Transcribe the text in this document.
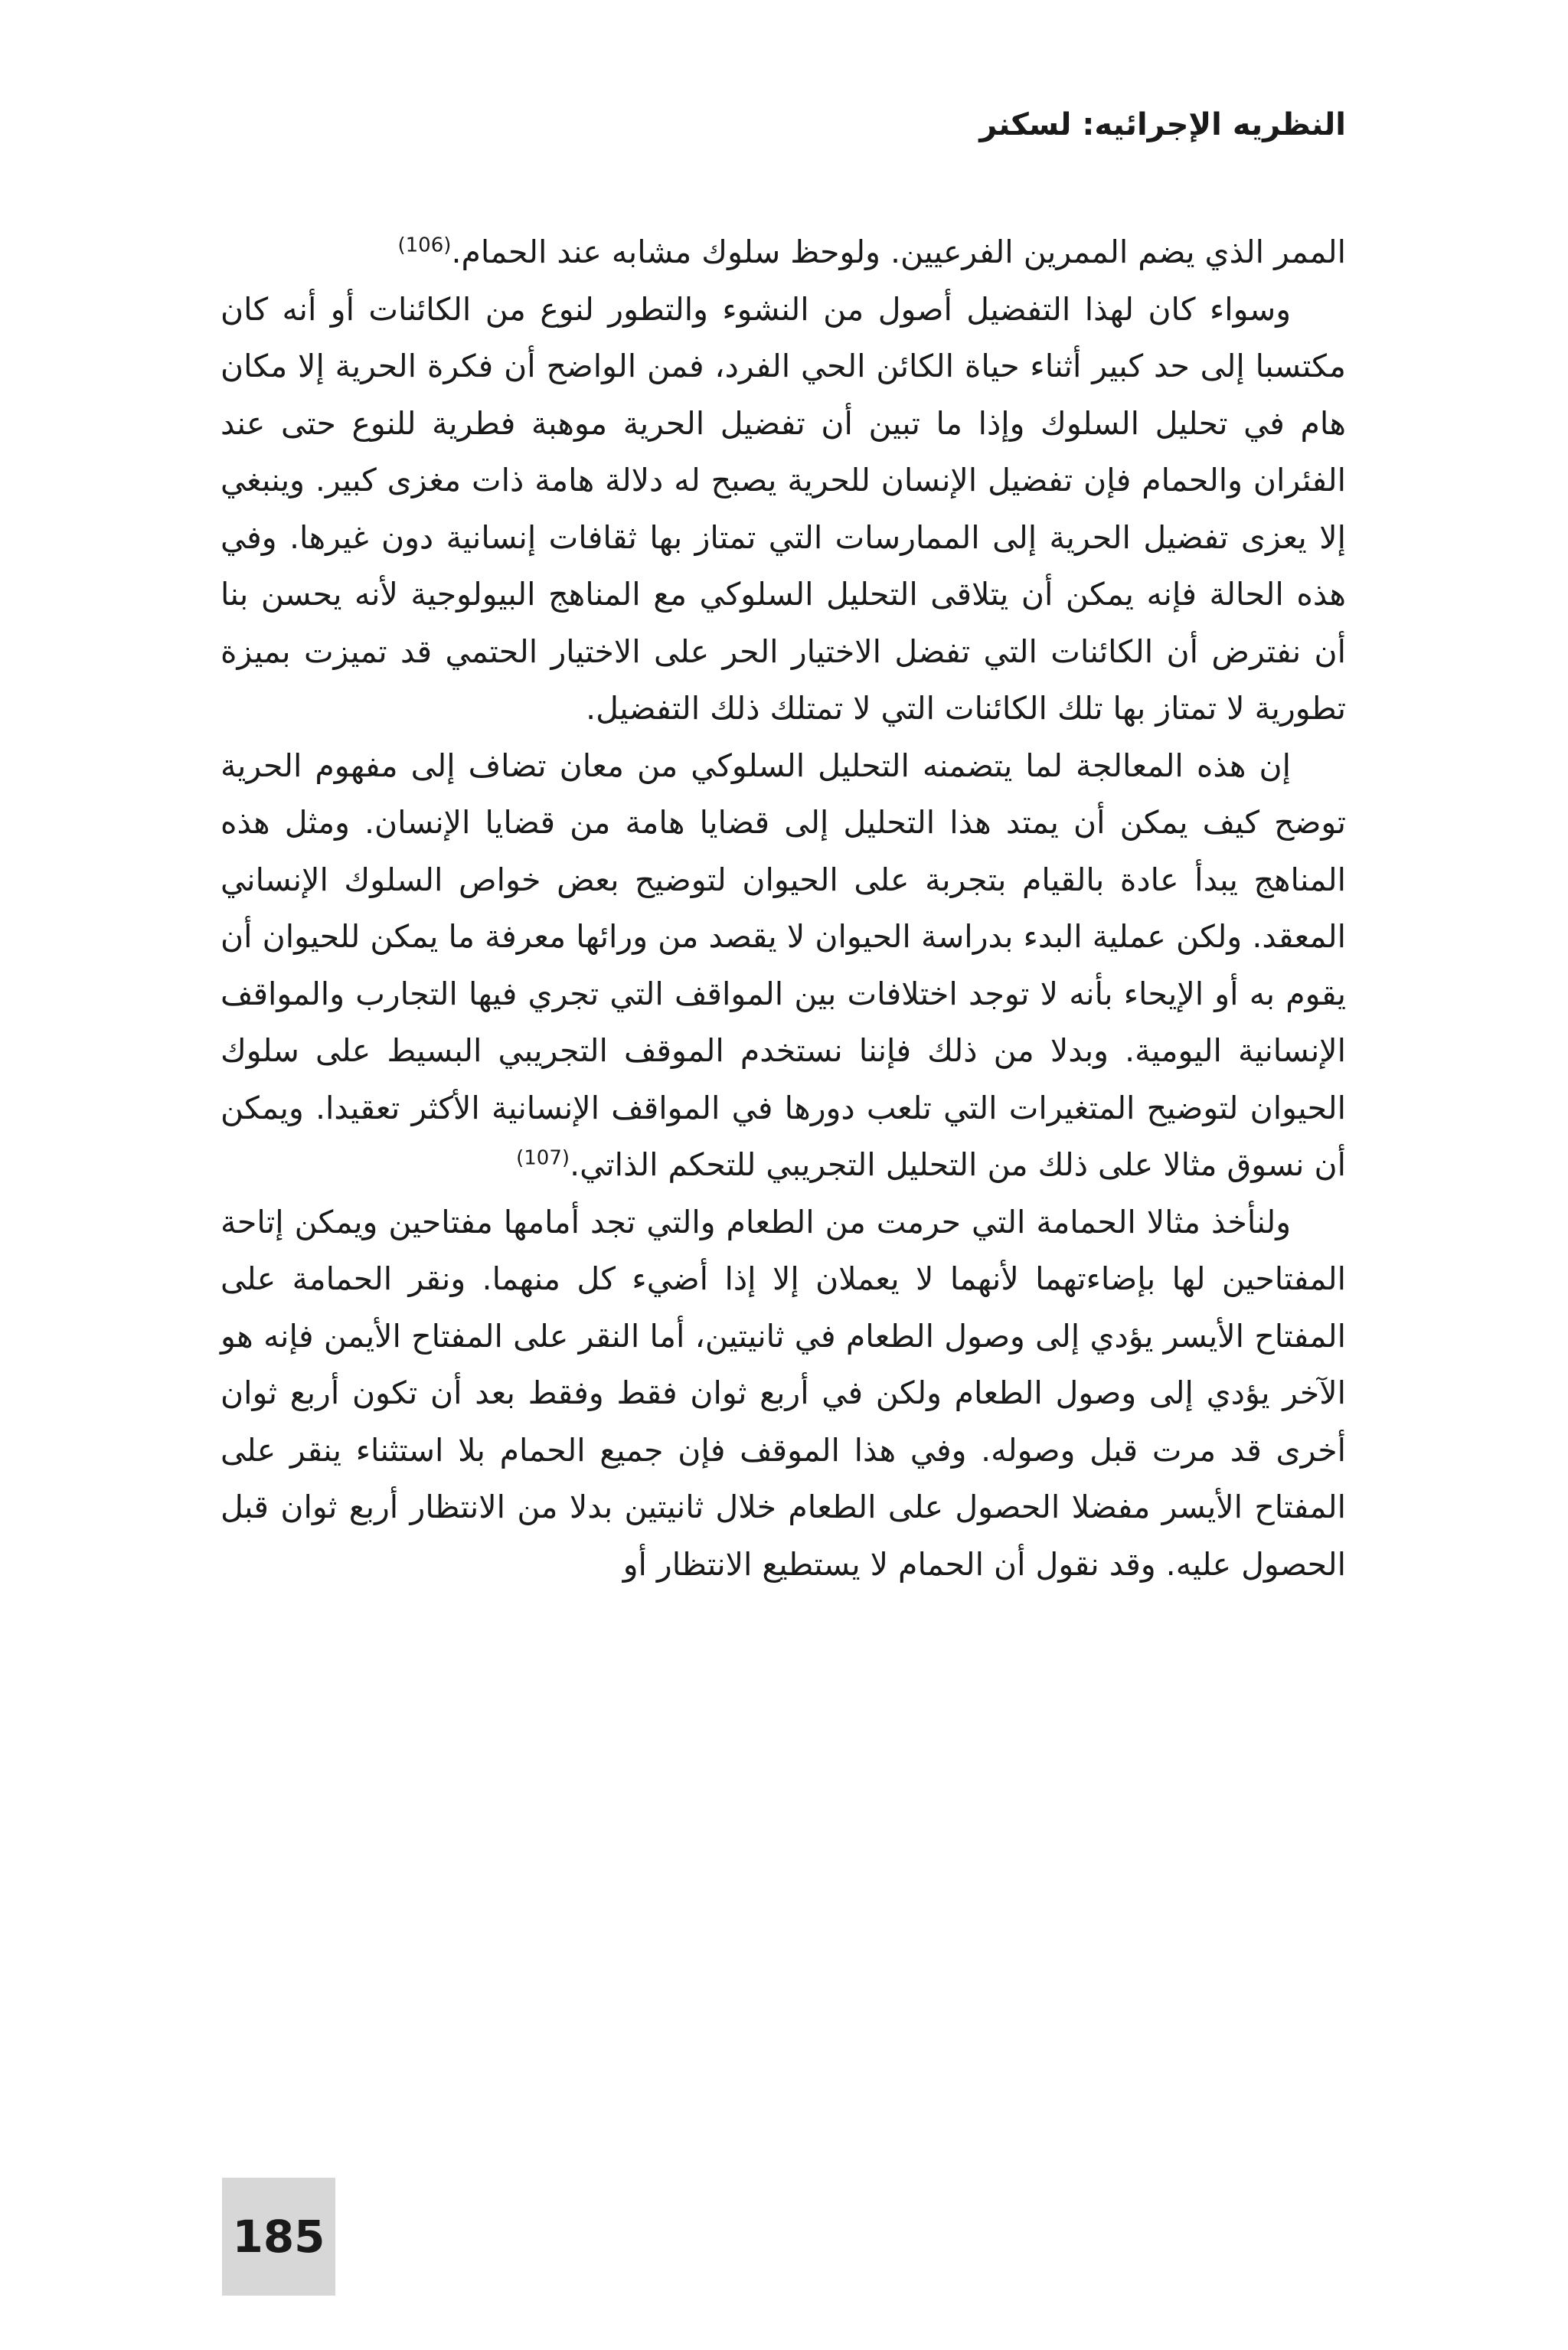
النظريه الإجرائيه: لسكنر

الممر الذي يضم الممرين الفرعيين. ولوحظ سلوك مشابه عند الحمام.$^{(106)}$

وسواء كان لهذا التفضيل أصول من النشوء والتطور لنوع من الكائنات أو أنه كان مكتسبا إلى حد كبير أثناء حياة الكائن الحي الفرد، فمن الواضح أن فكرة الحرية إلا مكان هام في تحليل السلوك وإذا ما تبين أن تفضيل الحرية موهبة فطرية للنوع حتى عند الفئران والحمام فإن تفضيل الإنسان للحرية يصبح له دلالة هامة ذات مغزى كبير. وينبغي إلا يعزى تفضيل الحرية إلى الممارسات التي تمتاز بها ثقافات إنسانية دون غيرها. وفي هذه الحالة فإنه يمكن أن يتلاقى التحليل السلوكي مع المناهج البيولوجية لأنه يحسن بنا أن نفترض أن الكائنات التي تفضل الاختيار الحر على الاختيار الحتمي قد تميزت بميزة تطورية لا تمتاز بها تلك الكائنات التي لا تمتلك ذلك التفضيل.

إن هذه المعالجة لما يتضمنه التحليل السلوكي من معان تضاف إلى مفهوم الحرية توضح كيف يمكن أن يمتد هذا التحليل إلى قضايا هامة من قضايا الإنسان. ومثل هذه المناهج يبدأ عادة بالقيام بتجربة على الحيوان لتوضيح بعض خواص السلوك الإنساني المعقد. ولكن عملية البدء بدراسة الحيوان لا يقصد من ورائها معرفة ما يمكن للحيوان أن يقوم به أو الإيحاء بأنه لا توجد اختلافات بين المواقف التي تجري فيها التجارب والمواقف الإنسانية اليومية. وبدلا من ذلك فإننا نستخدم الموقف التجريبي البسيط على سلوك الحيوان لتوضيح المتغيرات التي تلعب دورها في المواقف الإنسانية الأكثر تعقيدا. ويمكن أن نسوق مثالا على ذلك من التحليل التجريبي للتحكم الذاتي.$^{(107)}$

ولنأخذ مثالا الحمامة التي حرمت من الطعام والتي تجد أمامها مفتاحين ويمكن إتاحة المفتاحين لها بإضاءتهما لأنهما لا يعملان إلا إذا أضيء كل منهما. ونقر الحمامة على المفتاح الأيسر يؤدي إلى وصول الطعام في ثانيتين، أما النقر على المفتاح الأيمن فإنه هو الآخر يؤدي إلى وصول الطعام ولكن في أربع ثوان فقط وفقط بعد أن تكون أربع ثوان أخرى قد مرت قبل وصوله. وفي هذا الموقف فإن جميع الحمام بلا استثناء ينقر على المفتاح الأيسر مفضلا الحصول على الطعام خلال ثانيتين بدلا من الانتظار أربع ثوان قبل الحصول عليه. وقد نقول أن الحمام لا يستطيع الانتظار أو

185
